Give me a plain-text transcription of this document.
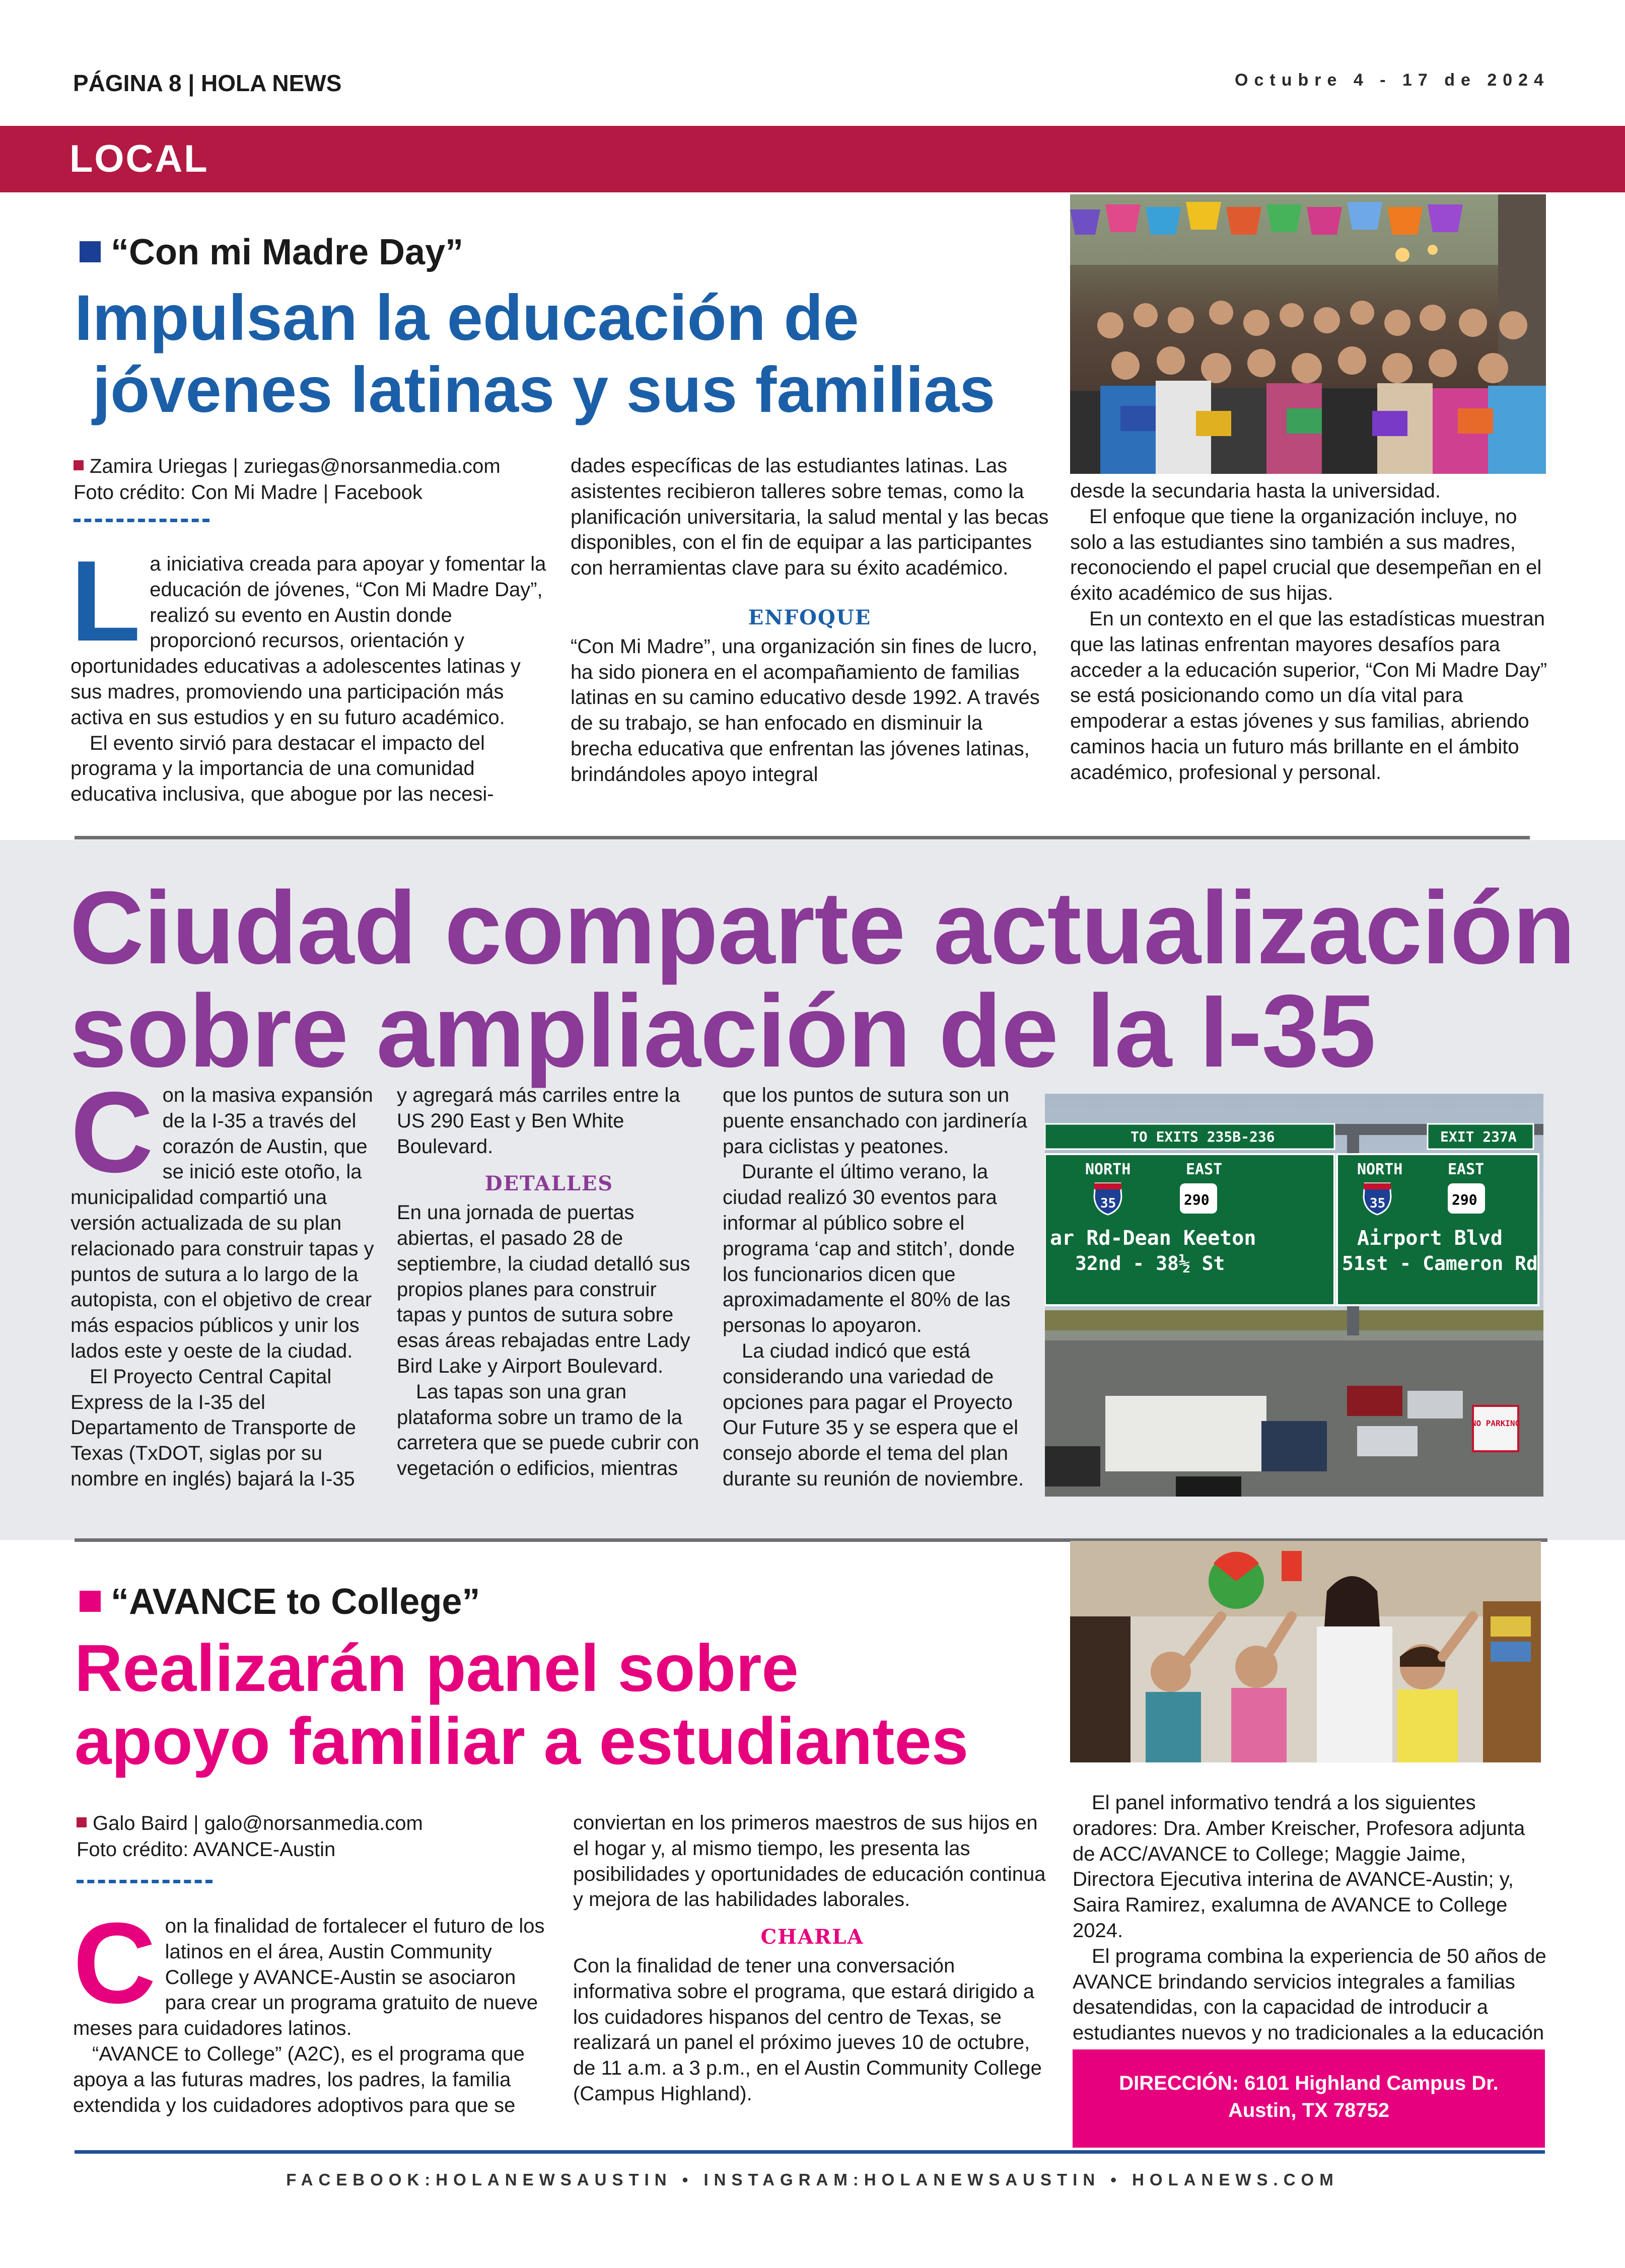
PÁGINA 8 | HOLA NEWS	Octubre 4 - 17 de 2024
LOCAL
“Con mi Madre Day”
Impulsan la educación de
jóvenes latinas y sus familias
Zamira Uriegas | zuriegas@norsanmedia.com
Foto crédito: Con Mi Madre | Facebook

La iniciativa creada para apoyar y fomentar la educación de jóvenes, “Con Mi Madre Day”, realizó su evento en Austin donde proporcionó recursos, orientación y oportunidades educativas a adolescentes latinas y sus madres, promoviendo una participación más activa en sus estudios y en su futuro académico.

El evento sirvió para destacar el impacto del programa y la importancia de una comunidad educativa inclusiva, que abogue por las necesi-

dades específicas de las estudiantes latinas. Las asistentes recibieron talleres sobre temas, como la planificación universitaria, la salud mental y las becas disponibles, con el fin de equipar a las participantes con herramientas clave para su éxito académico.

ENFOQUE

“Con Mi Madre”, una organización sin fines de lucro, ha sido pionera en el acompañamiento de familias latinas en su camino educativo desde 1992. A través de su trabajo, se han enfocado en disminuir la brecha educativa que enfrentan las jóvenes latinas, brindándoles apoyo integral

desde la secundaria hasta la universidad.

El enfoque que tiene la organización incluye, no solo a las estudiantes sino también a sus madres, reconociendo el papel crucial que desempeñan en el éxito académico de sus hijas.

En un contexto en el que las estadísticas muestran que las latinas enfrentan mayores desafíos para acceder a la educación superior, “Con Mi Madre Day” se está posicionando como un día vital para empoderar a estas jóvenes y sus familias, abriendo caminos hacia un futuro más brillante en el ámbito académico, profesional y personal.

Ciudad comparte actualización
sobre ampliación de la I-35

Con la masiva expansión de la I-35 a través del corazón de Austin, que se inició este otoño, la municipalidad compartió una versión actualizada de su plan relacionado para construir tapas y puntos de sutura a lo largo de la autopista, con el objetivo de crear más espacios públicos y unir los lados este y oeste de la ciudad.

El Proyecto Central Capital Express de la I-35 del Departamento de Transporte de Texas (TxDOT, siglas por su nombre en inglés) bajará la I-35

y agregará más carriles entre la US 290 East y Ben White Boulevard.

DETALLES

En una jornada de puertas abiertas, el pasado 28 de septiembre, la ciudad detalló sus propios planes para construir tapas y puntos de sutura sobre esas áreas rebajadas entre Lady Bird Lake y Airport Boulevard.

Las tapas son una gran plataforma sobre un tramo de la carretera que se puede cubrir con vegetación o edificios, mientras

que los puntos de sutura son un puente ensanchado con jardinería para ciclistas y peatones.

Durante el último verano, la ciudad realizó 30 eventos para informar al público sobre el programa ‘cap and stitch’, donde los funcionarios dicen que aproximadamente el 80% de las personas lo apoyaron.

La ciudad indicó que está considerando una variedad de opciones para pagar el Proyecto Our Future 35 y se espera que el consejo aborde el tema del plan durante su reunión de noviembre.

TO EXITS 235B-236
NORTH	EAST
35	290
ar Rd-Dean Keeton
32nd - 38½ St
EXIT 237A
NORTH	EAST
35	290
Airport Blvd
51st - Cameron Rd
NO PARKING
“AVANCE to College”
Realizarán panel sobre
apoyo familiar a estudiantes
Galo Baird | galo@norsanmedia.com
Foto crédito: AVANCE-Austin

Con la finalidad de fortalecer el futuro de los latinos en el área, Austin Community College y AVANCE-Austin se asociaron para crear un programa gratuito de nueve meses para cuidadores latinos.

“AVANCE to College” (A2C), es el programa que apoya a las futuras madres, los padres, la familia extendida y los cuidadores adoptivos para que se

conviertan en los primeros maestros de sus hijos en el hogar y, al mismo tiempo, les presenta las posibilidades y oportunidades de educación continua y mejora de las habilidades laborales.

CHARLA

Con la finalidad de tener una conversación informativa sobre el programa, que estará dirigido a los cuidadores hispanos del centro de Texas, se realizará un panel el próximo jueves 10 de octubre, de 11 a.m. a 3 p.m., en el Austin Community College (Campus Highland).

El panel informativo tendrá a los siguientes oradores: Dra. Amber Kreischer, Profesora adjunta de ACC/AVANCE to College; Maggie Jaime, Directora Ejecutiva interina de AVANCE-Austin; y, Saira Ramirez, exalumna de AVANCE to College 2024.

El programa combina la experiencia de 50 años de AVANCE brindando servicios integrales a familias desatendidas, con la capacidad de introducir a estudiantes nuevos y no tradicionales a la educación

DIRECCIÓN: 6101 Highland Campus Dr.
Austin, TX 78752
FACEBOOK:HOLANEWSAUSTIN • INSTAGRAM:HOLANEWSAUSTIN • HOLANEWS.COM
